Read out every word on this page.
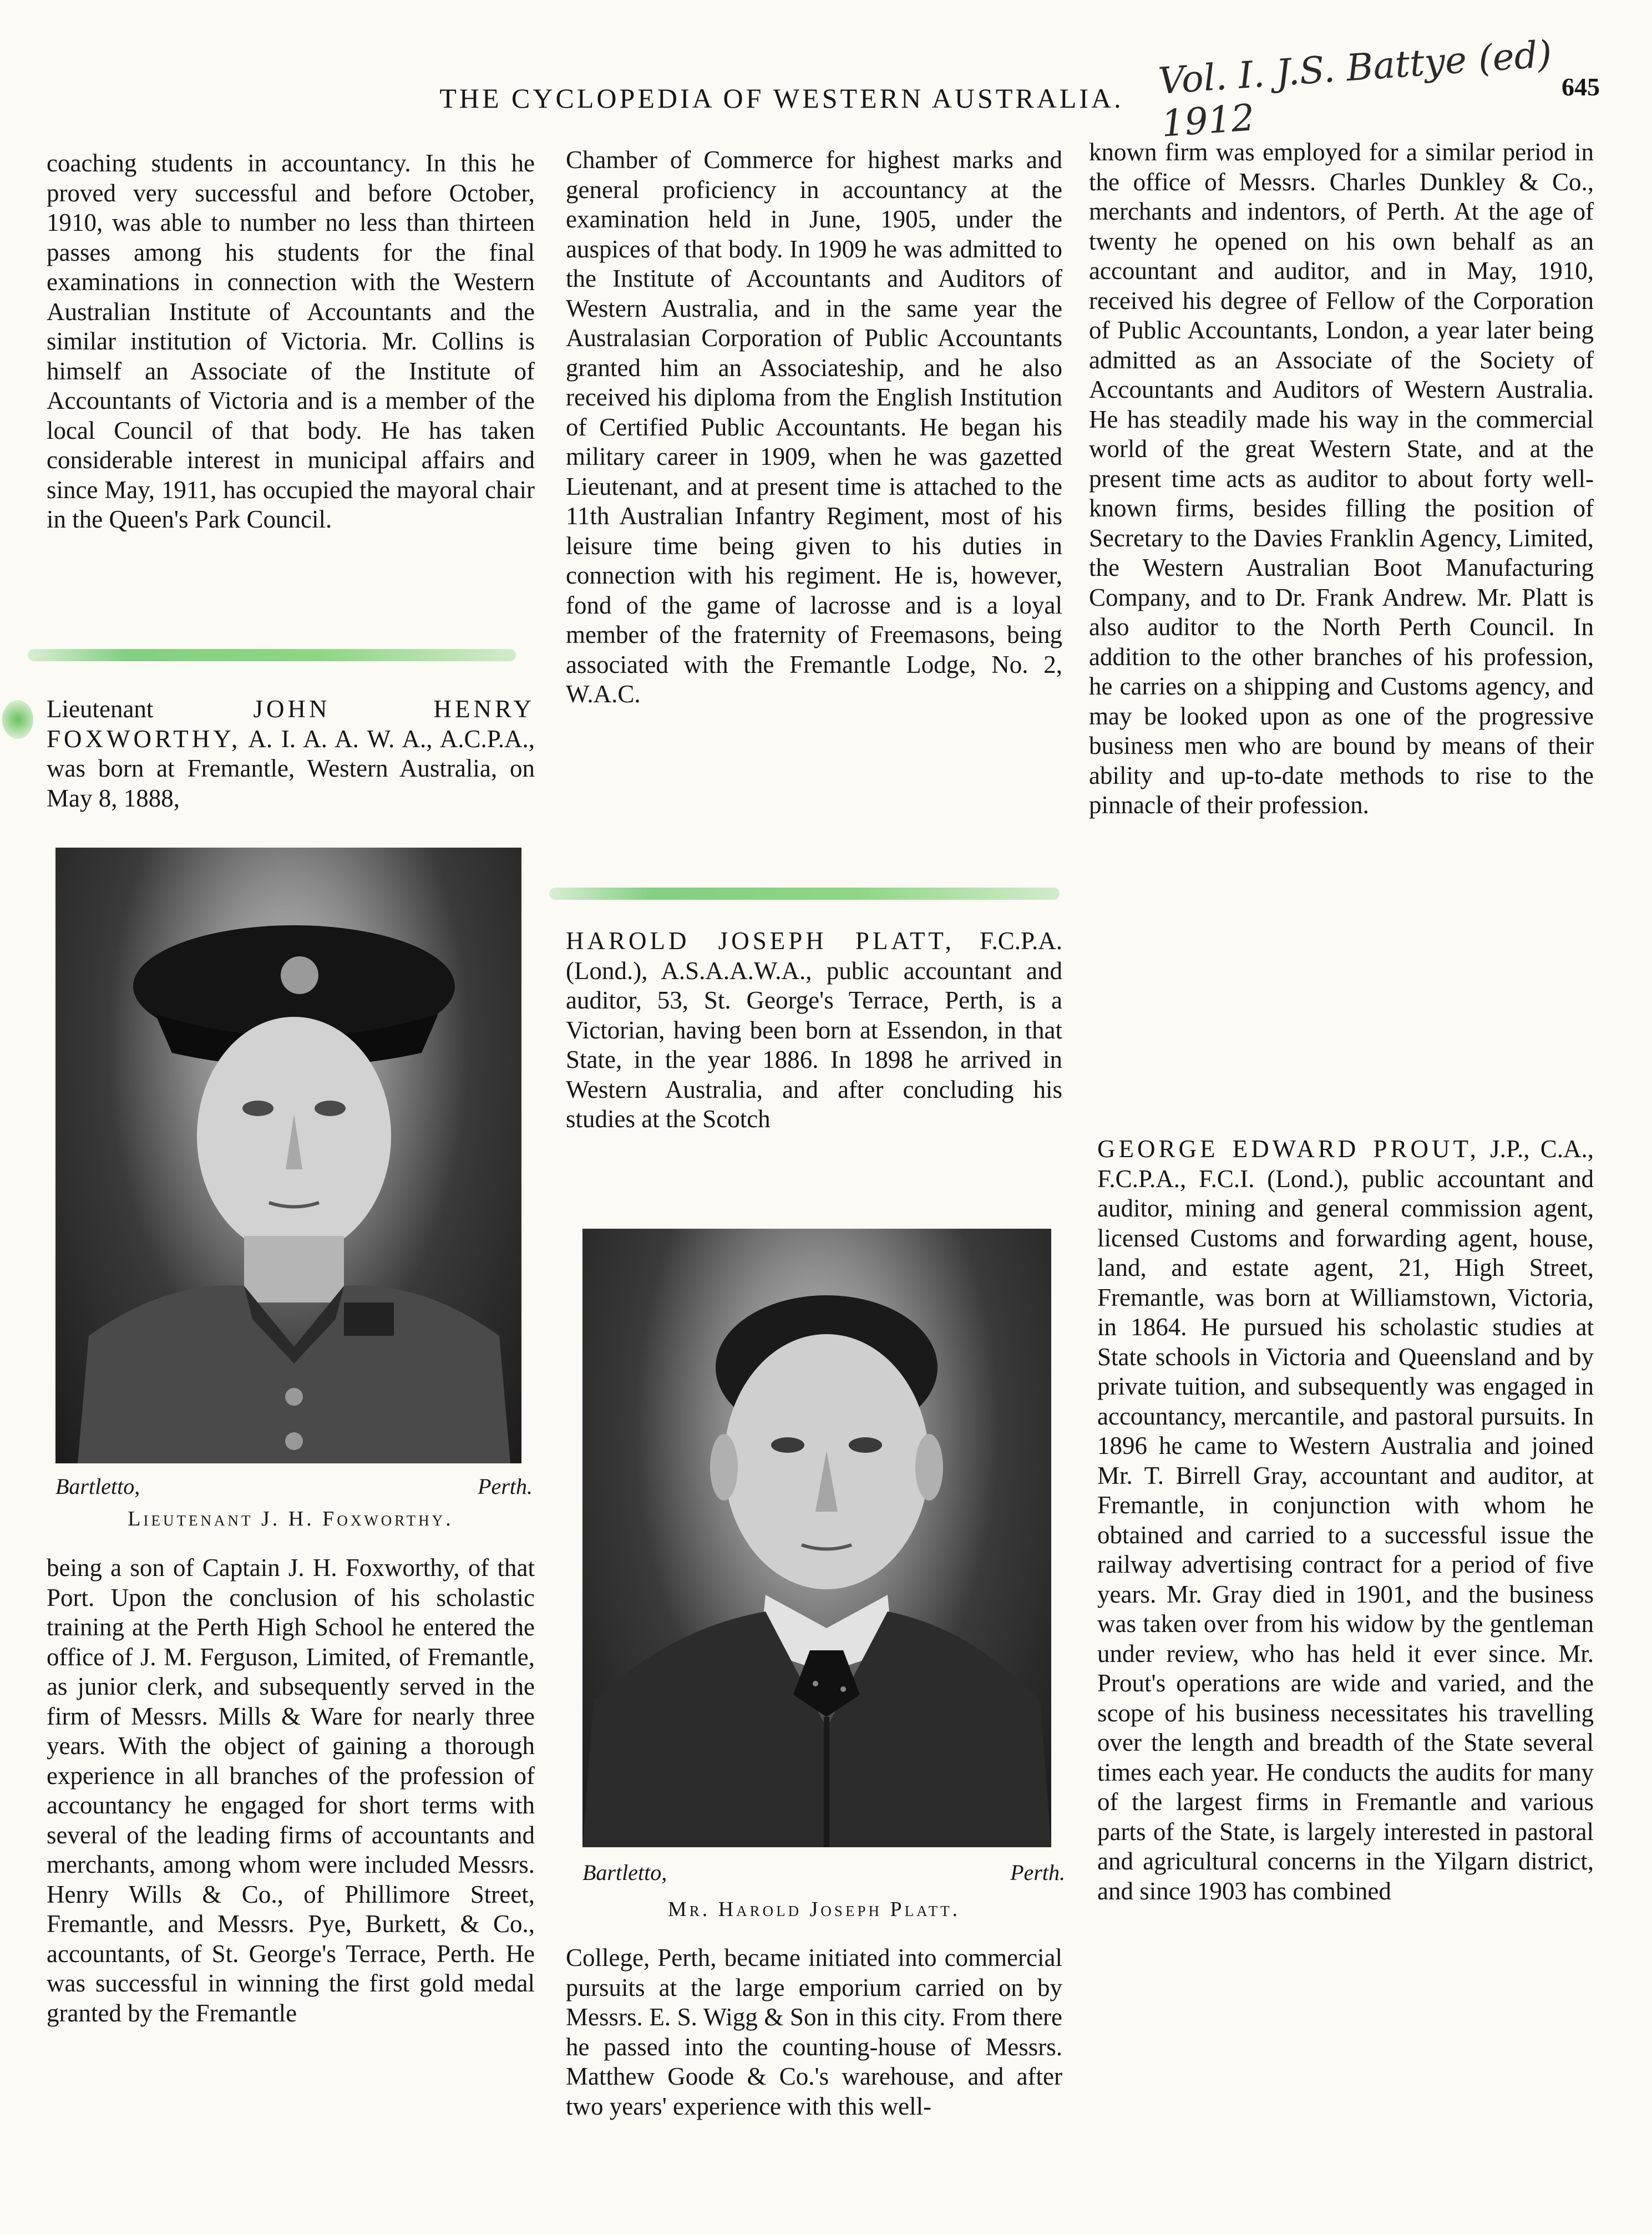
THE CYCLOPEDIA OF WESTERN AUSTRALIA. Vol. I. J.S. Battye (ed) 1912
645

coaching students in accountancy. In this he proved very successful and before October, 1910, was able to number no less than thirteen passes among his students for the final examinations in connection with the Western Australian Institute of Accountants and the similar institution of Victoria. Mr. Collins is himself an Associate of the Institute of Accountants of Victoria and is a member of the local Council of that body. He has taken considerable interest in municipal affairs and since May, 1911, has occupied the mayoral chair in the Queen's Park Council.

Lieutenant JOHN HENRY FOXWORTHY, A. I. A. A. W. A., A.C.P.A., was born at Fremantle, Western Australia, on May 8, 1888,

Bartletto,	Perth.
Lieutenant J. H. Foxworthy.

being a son of Captain J. H. Foxworthy, of that Port. Upon the conclusion of his scholastic training at the Perth High School he entered the office of J. M. Ferguson, Limited, of Fremantle, as junior clerk, and subsequently served in the firm of Messrs. Mills & Ware for nearly three years. With the object of gaining a thorough experience in all branches of the profession of accountancy he engaged for short terms with several of the leading firms of accountants and merchants, among whom were included Messrs. Henry Wills & Co., of Phillimore Street, Fremantle, and Messrs. Pye, Burkett, & Co., accountants, of St. George's Terrace, Perth. He was successful in winning the first gold medal granted by the Fremantle

Chamber of Commerce for highest marks and general proficiency in accountancy at the examination held in June, 1905, under the auspices of that body. In 1909 he was admitted to the Institute of Accountants and Auditors of Western Australia, and in the same year the Australasian Corporation of Public Accountants granted him an Associateship, and he also received his diploma from the English Institution of Certified Public Accountants. He began his military career in 1909, when he was gazetted Lieutenant, and at present time is attached to the 11th Australian Infantry Regiment, most of his leisure time being given to his duties in connection with his regiment. He is, however, fond of the game of lacrosse and is a loyal member of the fraternity of Freemasons, being associated with the Fremantle Lodge, No. 2, W.A.C.

HAROLD JOSEPH PLATT, F.C.P.A. (Lond.), A.S.A.A.W.A., public accountant and auditor, 53, St. George's Terrace, Perth, is a Victorian, having been born at Essendon, in that State, in the year 1886. In 1898 he arrived in Western Australia, and after concluding his studies at the Scotch

Bartletto,	Perth.
Mr. Harold Joseph Platt.

College, Perth, became initiated into commercial pursuits at the large emporium carried on by Messrs. E. S. Wigg & Son in this city. From there he passed into the counting-house of Messrs. Matthew Goode & Co.'s warehouse, and after two years' experience with this well-

known firm was employed for a similar period in the office of Messrs. Charles Dunkley & Co., merchants and indentors, of Perth. At the age of twenty he opened on his own behalf as an accountant and auditor, and in May, 1910, received his degree of Fellow of the Corporation of Public Accountants, London, a year later being admitted as an Associate of the Society of Accountants and Auditors of Western Australia. He has steadily made his way in the commercial world of the great Western State, and at the present time acts as auditor to about forty well-known firms, besides filling the position of Secretary to the Davies Franklin Agency, Limited, the Western Australian Boot Manufacturing Company, and to Dr. Frank Andrew. Mr. Platt is also auditor to the North Perth Council. In addition to the other branches of his profession, he carries on a shipping and Customs agency, and may be looked upon as one of the progressive business men who are bound by means of their ability and up-to-date methods to rise to the pinnacle of their profession.

GEORGE EDWARD PROUT, J.P., C.A., F.C.P.A., F.C.I. (Lond.), public accountant and auditor, mining and general commission agent, licensed Customs and forwarding agent, house, land, and estate agent, 21, High Street, Fremantle, was born at Williamstown, Victoria, in 1864. He pursued his scholastic studies at State schools in Victoria and Queensland and by private tuition, and subsequently was engaged in accountancy, mercantile, and pastoral pursuits. In 1896 he came to Western Australia and joined Mr. T. Birrell Gray, accountant and auditor, at Fremantle, in conjunction with whom he obtained and carried to a successful issue the railway advertising contract for a period of five years. Mr. Gray died in 1901, and the business was taken over from his widow by the gentleman under review, who has held it ever since. Mr. Prout's operations are wide and varied, and the scope of his business necessitates his travelling over the length and breadth of the State several times each year. He conducts the audits for many of the largest firms in Fremantle and various parts of the State, is largely interested in pastoral and agricultural concerns in the Yilgarn district, and since 1903 has combined
